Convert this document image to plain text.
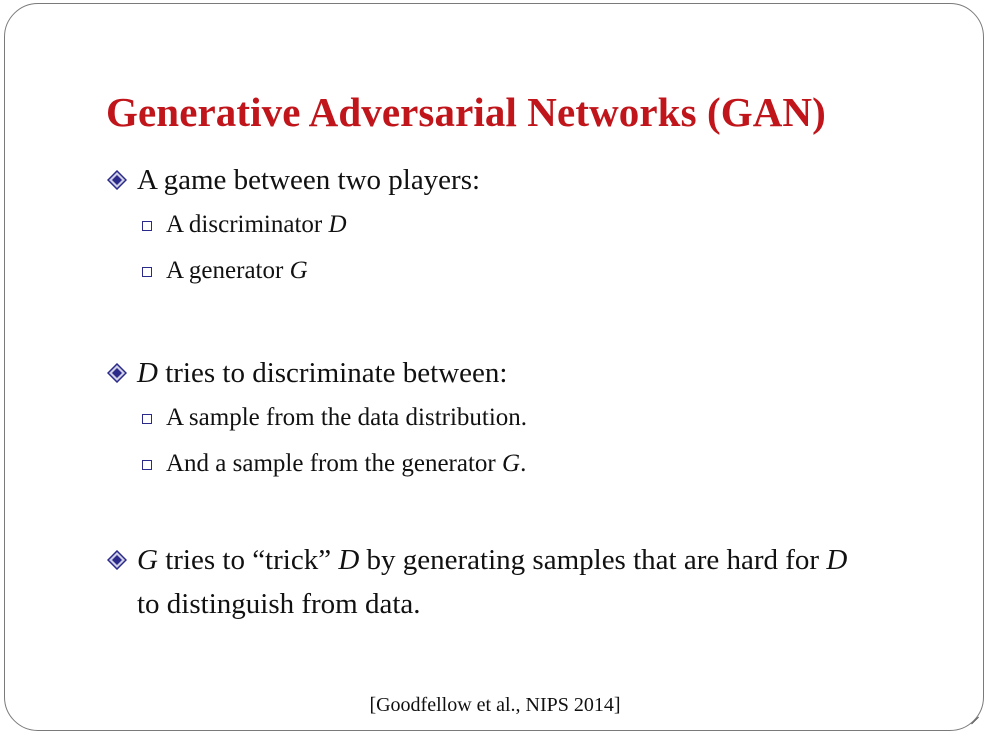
Generative Adversarial Networks (GAN)
A game between two players:
A discriminator D
A generator G
D tries to discriminate between:
A sample from the data distribution.
And a sample from the generator G.
G tries to “trick” D by generating samples that are hard for D
to distinguish from data.
[Goodfellow et al., NIPS 2014]
